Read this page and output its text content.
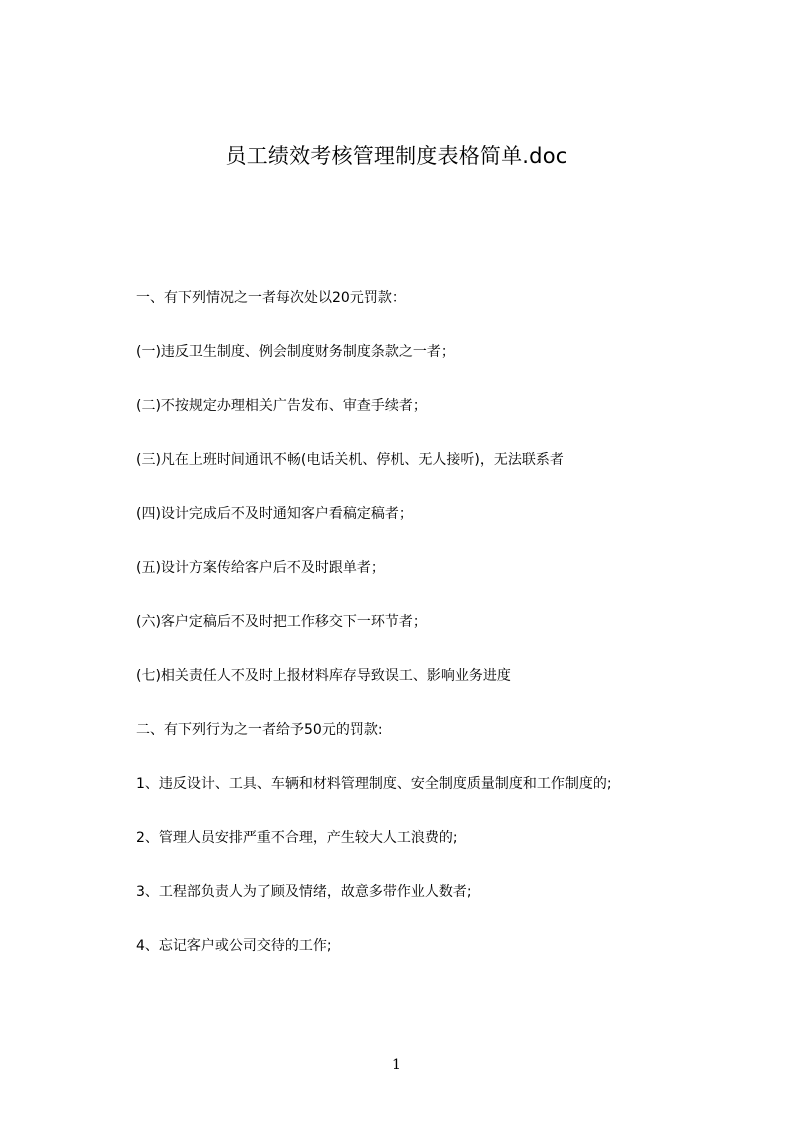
员工绩效考核管理制度表格简单.doc
一、有下列情况之一者每次处以20元罚款：
(一)违反卫生制度、例会制度财务制度条款之一者；
(二)不按规定办理相关广告发布、审查手续者；
(三)凡在上班时间通讯不畅(电话关机、停机、无人接听)，无法联系者
(四)设计完成后不及时通知客户看稿定稿者；
(五)设计方案传给客户后不及时跟单者；
(六)客户定稿后不及时把工作移交下一环节者；
(七)相关责任人不及时上报材料库存导致误工、影响业务进度
二、有下列行为之一者给予50元的罚款:
1、违反设计、工具、车辆和材料管理制度、安全制度质量制度和工作制度的;
2、管理人员安排严重不合理，产生较大人工浪费的;
3、工程部负责人为了顾及情绪，故意多带作业人数者;
4、忘记客户或公司交待的工作;
1
